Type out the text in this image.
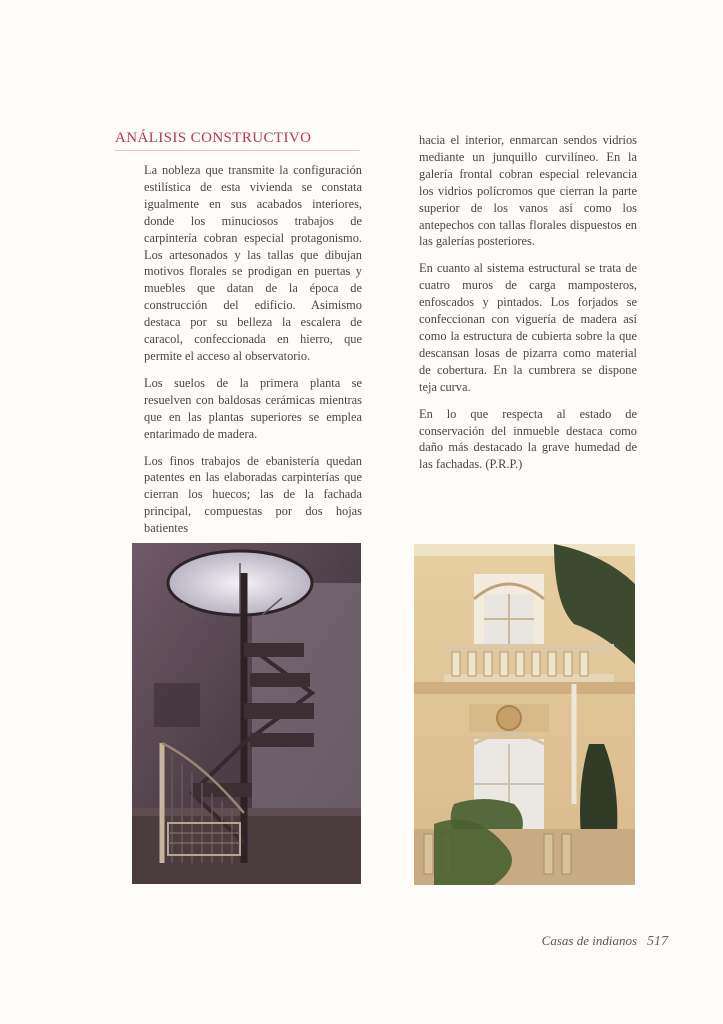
ANÁLISIS CONSTRUCTIVO

La nobleza que transmite la configuración estilística de esta vivienda se constata igualmente en sus acabados interiores, donde los minuciosos trabajos de carpintería cobran especial protagonismo. Los artesonados y las tallas que dibujan motivos florales se prodigan en puertas y muebles que datan de la época de construcción del edificio. Asimismo destaca por su belleza la escalera de caracol, confeccionada en hierro, que permite el acceso al observatorio.

Los suelos de la primera planta se resuelven con baldosas cerámicas mientras que en las plantas superiores se emplea entarimado de madera.

Los finos trabajos de ebanistería quedan patentes en las elaboradas carpinterías que cierran los huecos; las de la fachada principal, compuestas por dos hojas batientes

hacia el interior, enmarcan sendos vidrios mediante un junquillo curvilíneo. En la galería frontal cobran especial relevancia los vidrios polícromos que cierran la parte superior de los vanos así como los antepechos con tallas florales dispuestos en las galerías posteriores.

En cuanto al sistema estructural se trata de cuatro muros de carga mamposteros, enfoscados y pintados. Los forjados se confeccionan con viguería de madera así como la estructura de cubierta sobre la que descansan losas de pizarra como material de cobertura. En la cumbrera se dispone teja curva.

En lo que respecta al estado de conservación del inmueble destaca como daño más destacado la grave humedad de las fachadas. (P.R.P.)

Casas de indianos 517
